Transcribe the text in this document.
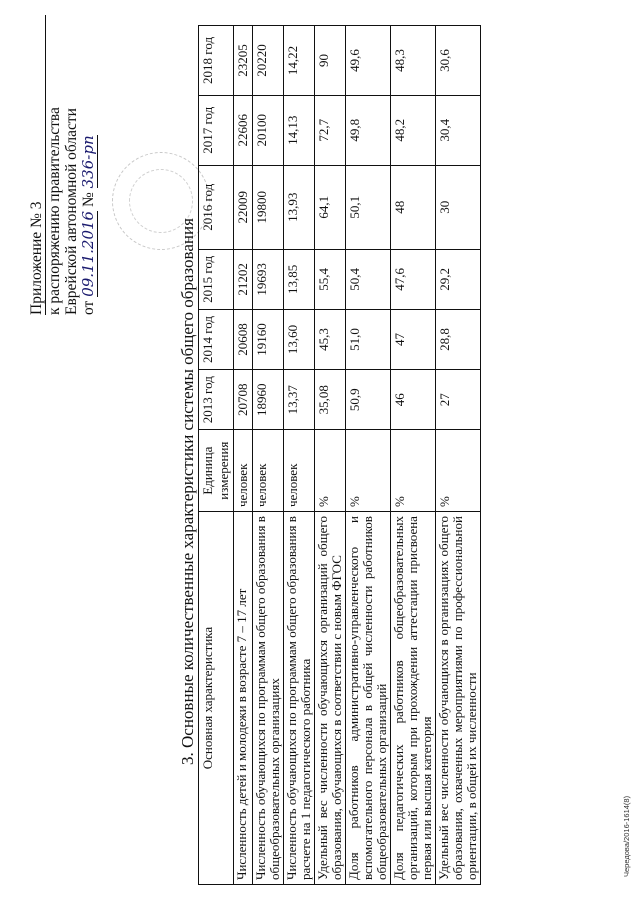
Приложение № 3 к распоряжению правительства Еврейской автономной области от 09.11.2016 № 336-рп
3. Основные количественные характеристики системы общего образования Основная характеристика	Единица измерения	2013 год	2014 год	2015 год	2016 год	2017 год	2018 год
Численность детей и молодежи в возрасте 7 – 17 лет	человек	20708	20608	21202	22009	22606	23205
Численность обучающихся по программам общего образования в общеобразовательных организациях	человек	18960	19160	19693	19800	20100	20220
Численность обучающихся по программам общего образования в расчете на 1 педагогического работника	человек	13,37	13,60	13,85	13,93	14,13	14,22
Удельный вес численности обучающихся организаций общего образования, обучающихся в соответствии с новым ФГОС	%	35,08	45,3	55,4	64,1	72,7	90
Доля работников административно-управленческого и вспомогательного персонала в общей численности работников общеобразовательных организаций	%	50,9	51,0	50,4	50,1	49,8	49,6
Доля педагогических работников общеобразовательных организаций, которым при прохождении аттестации присвоена первая или высшая категория	%	46	47	47,6	48	48,2	48,3
Удельный вес численности обучающихся в организациях общего образования, охваченных мероприятиями по профессиональной ориентации, в общей их численности	%	27	28,8	29,2	30	30,4	30,6
Чередова/2016-1614(8)
